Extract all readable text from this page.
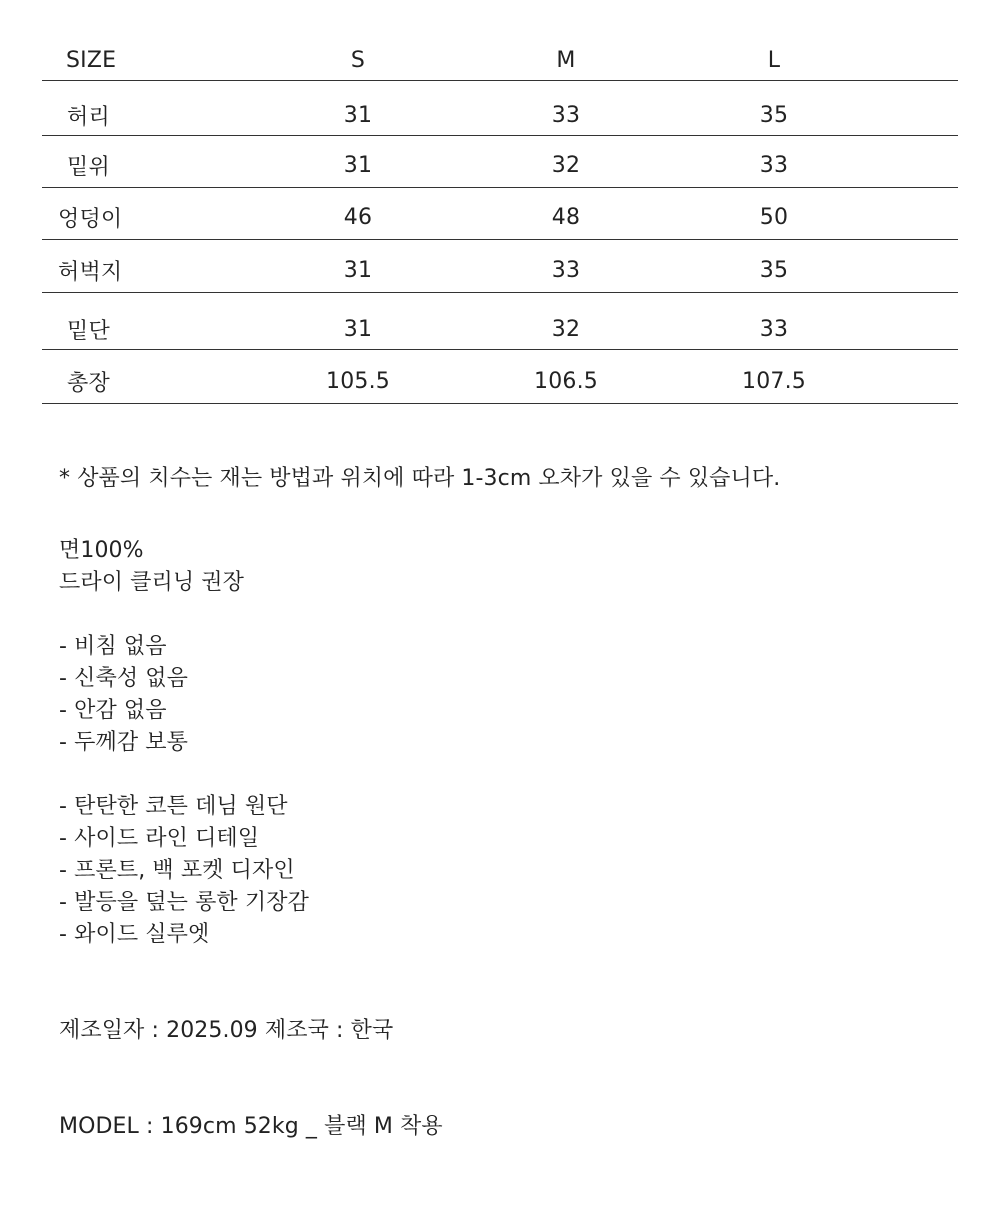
SIZE	S	M	L
허리	31	33	35
밑위	31	32	33
엉덩이	46	48	50
허벅지	31	33	35
밑단	31	32	33
총장	105.5	106.5	107.5
* 상품의 치수는 재는 방법과 위치에 따라 1-3cm 오차가 있을 수 있습니다.
면100%
드라이 클리닝 권장
- 비침 없음
- 신축성 없음
- 안감 없음
- 두께감 보통
- 탄탄한 코튼 데님 원단
- 사이드 라인 디테일
- 프론트, 백 포켓 디자인
- 발등을 덮는 롱한 기장감
- 와이드 실루엣
제조일자 : 2025.09 제조국 : 한국
MODEL : 169cm 52kg _ 블랙 M 착용
